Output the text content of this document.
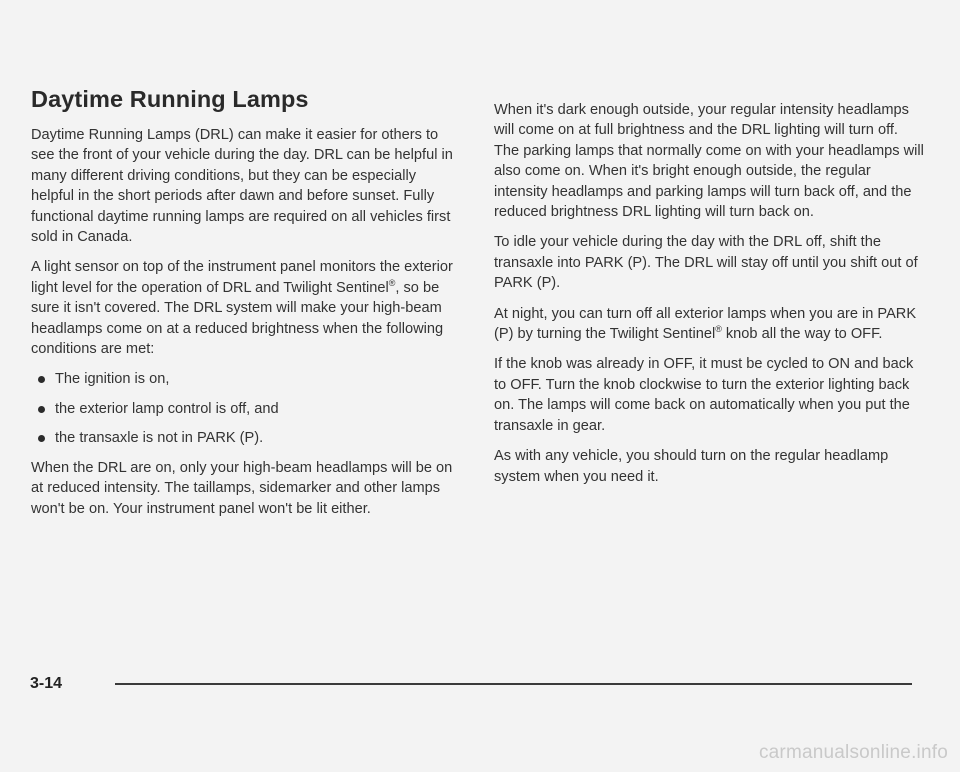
Daytime Running Lamps

Daytime Running Lamps (DRL) can make it easier for others to see the front of your vehicle during the day. DRL can be helpful in many different driving conditions, but they can be especially helpful in the short periods after dawn and before sunset. Fully functional daytime running lamps are required on all vehicles first sold in Canada.

A light sensor on top of the instrument panel monitors the exterior light level for the operation of DRL and Twilight Sentinel®, so be sure it isn't covered. The DRL system will make your high-beam headlamps come on at a reduced brightness when the following conditions are met:

The ignition is on,
the exterior lamp control is off, and
the transaxle is not in PARK (P).

When the DRL are on, only your high-beam headlamps will be on at reduced intensity. The taillamps, sidemarker and other lamps won't be on. Your instrument panel won't be lit either.

When it's dark enough outside, your regular intensity headlamps will come on at full brightness and the DRL lighting will turn off. The parking lamps that normally come on with your headlamps will also come on. When it's bright enough outside, the regular intensity headlamps and parking lamps will turn back off, and the reduced brightness DRL lighting will turn back on.

To idle your vehicle during the day with the DRL off, shift the transaxle into PARK (P). The DRL will stay off until you shift out of PARK (P).

At night, you can turn off all exterior lamps when you are in PARK (P) by turning the Twilight Sentinel® knob all the way to OFF.

If the knob was already in OFF, it must be cycled to ON and back to OFF. Turn the knob clockwise to turn the exterior lighting back on. The lamps will come back on automatically when you put the transaxle in gear.

As with any vehicle, you should turn on the regular headlamp system when you need it.

3-14
carmanualsonline.info
